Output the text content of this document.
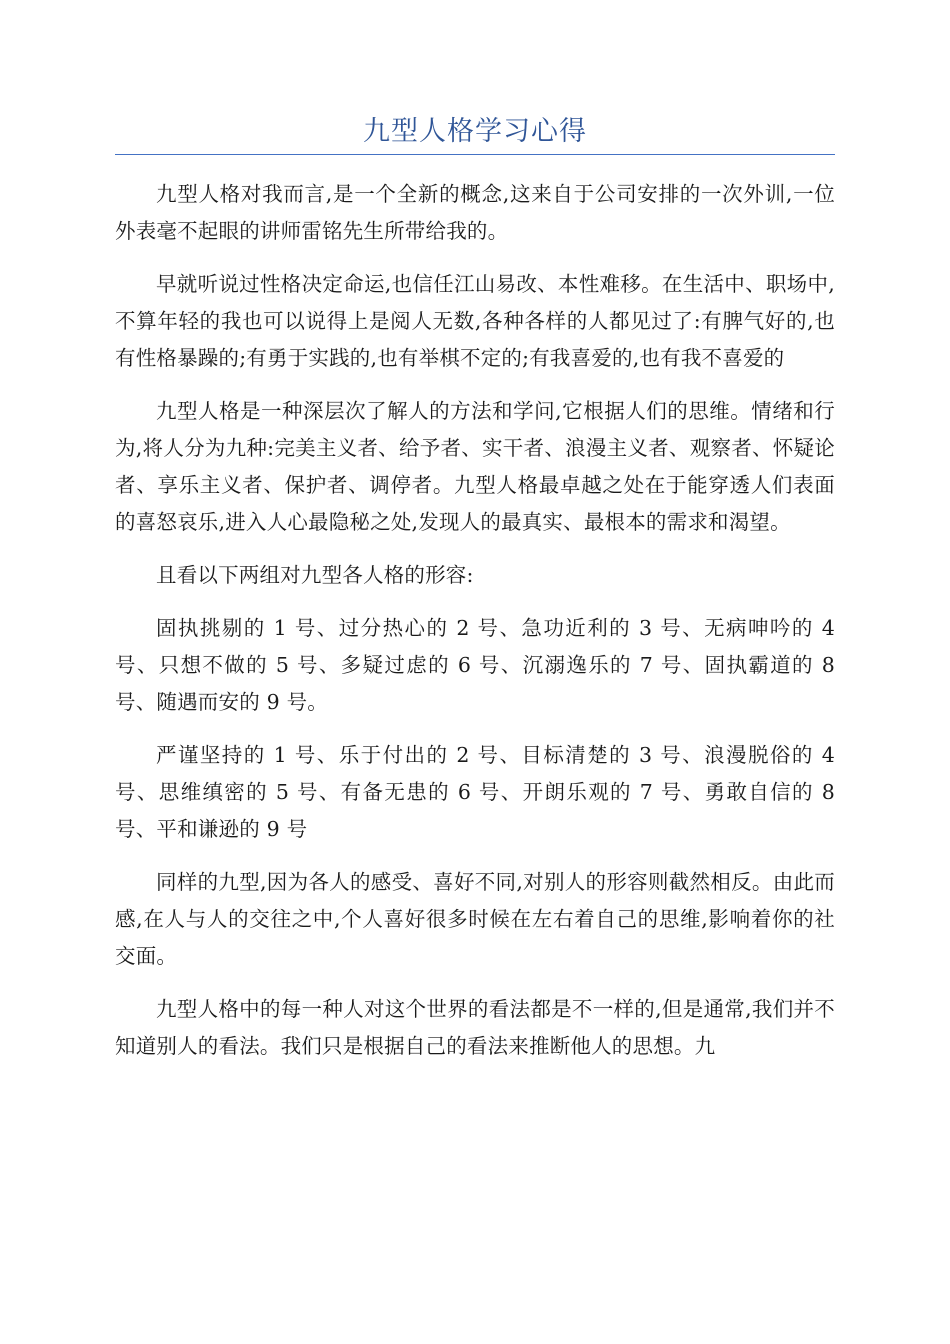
九型人格学习心得

九型人格对我而言,是一个全新的概念,这来自于公司安排的一次外训,一位外表毫不起眼的讲师雷铭先生所带给我的。

早就听说过性格决定命运,也信任江山易改、本性难移。在生活中、职场中,不算年轻的我也可以说得上是阅人无数,各种各样的人都见过了:有脾气好的,也有性格暴躁的;有勇于实践的,也有举棋不定的;有我喜爱的,也有我不喜爱的

九型人格是一种深层次了解人的方法和学问,它根据人们的思维。情绪和行为,将人分为九种:完美主义者、给予者、实干者、浪漫主义者、观察者、怀疑论者、享乐主义者、保护者、调停者。九型人格最卓越之处在于能穿透人们表面的喜怒哀乐,进入人心最隐秘之处,发现人的最真实、最根本的需求和渴望。

且看以下两组对九型各人格的形容:

固执挑剔的 1 号、过分热心的 2 号、急功近利的 3 号、无病呻吟的 4 号、只想不做的 5 号、多疑过虑的 6 号、沉溺逸乐的 7 号、固执霸道的 8 号、随遇而安的 9 号。

严谨坚持的 1 号、乐于付出的 2 号、目标清楚的 3 号、浪漫脱俗的 4 号、思维缜密的 5 号、有备无患的 6 号、开朗乐观的 7 号、勇敢自信的 8 号、平和谦逊的 9 号

同样的九型,因为各人的感受、喜好不同,对别人的形容则截然相反。由此而感,在人与人的交往之中,个人喜好很多时候在左右着自己的思维,影响着你的社交面。

九型人格中的每一种人对这个世界的看法都是不一样的,但是通常,我们并不知道别人的看法。我们只是根据自己的看法来推断他人的思想。九
